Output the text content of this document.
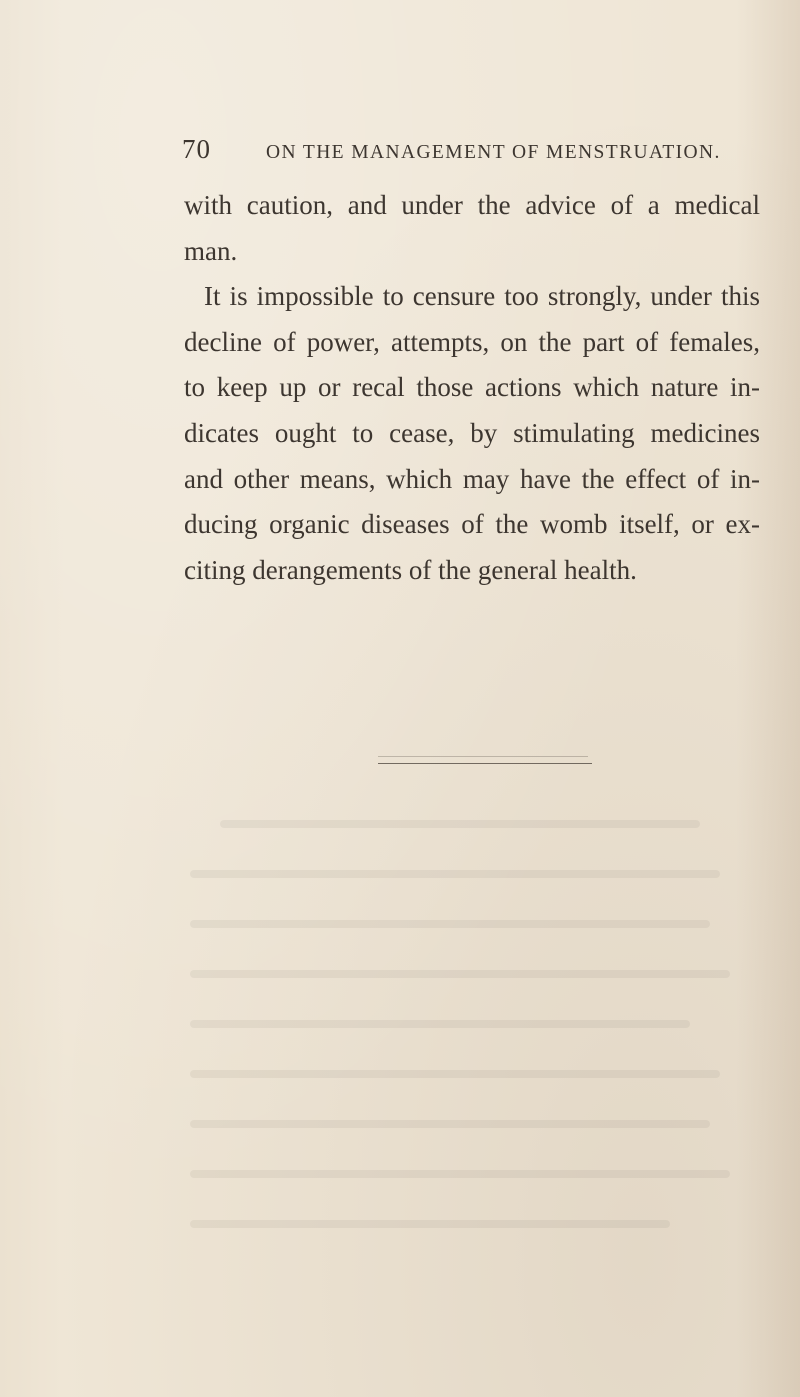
70	ON THE MANAGEMENT OF MENSTRUATION.
with caution, and under the advice of a medical
man.
It is impossible to censure too strongly, under this
decline of power, attempts, on the part of females,
to keep up or recal those actions which nature in-
dicates ought to cease, by stimulating medicines
and other means, which may have the effect of in-
ducing organic diseases of the womb itself, or ex-
citing derangements of the general health.
